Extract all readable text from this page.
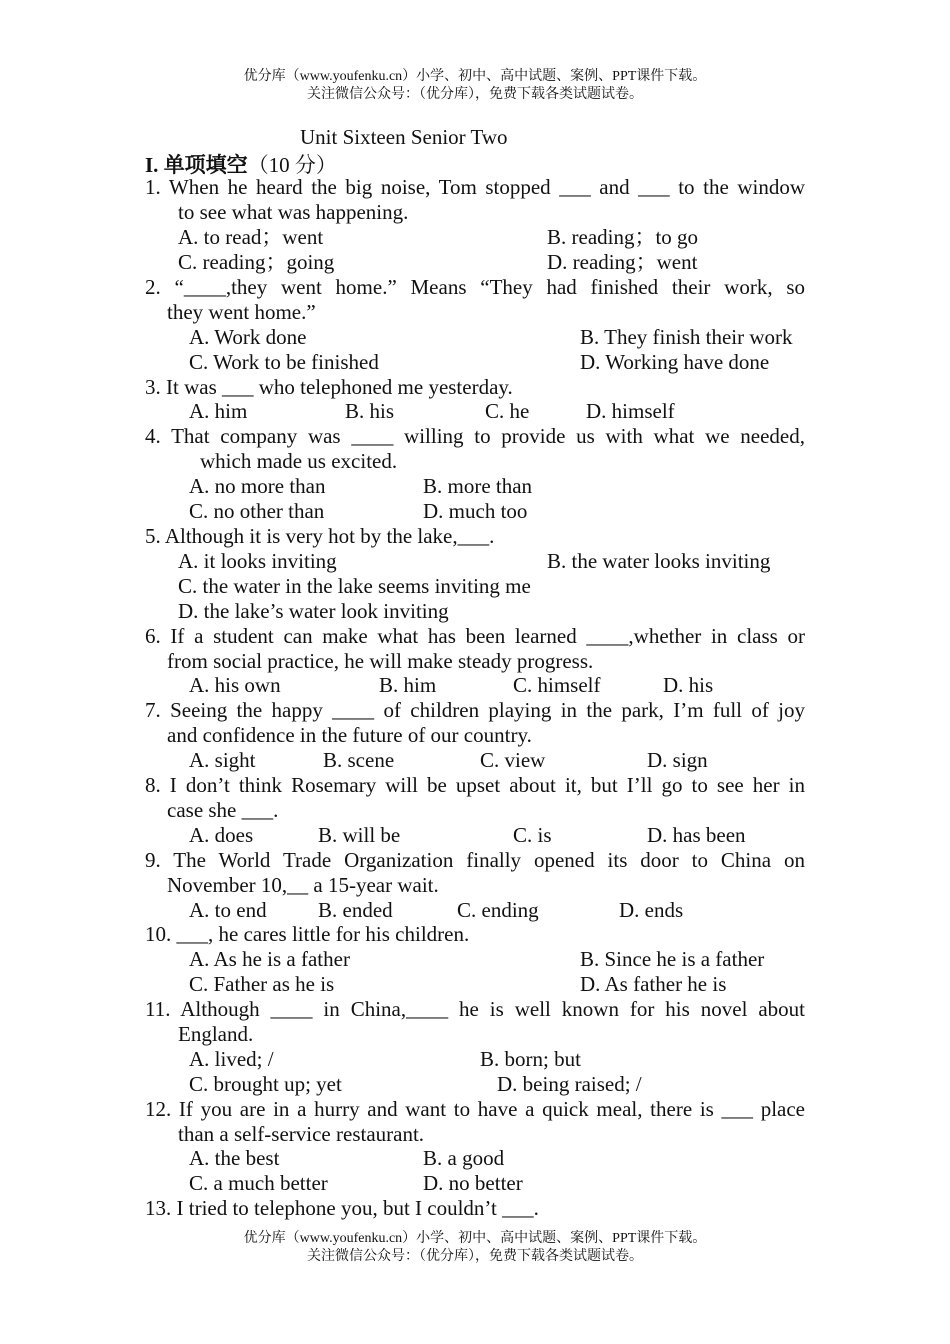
优分库（www.youfenku.cn）小学、初中、高中试题、案例、PPT课件下载。
关注微信公众号：（优分库），免费下载各类试题试卷。
Unit Sixteen Senior Two
I. 单项填空（10 分）
1. When he heard the big noise, Tom stopped ___ and ___ to the window
to see what was happening.
A. to read；went	B. reading；to go
C. reading；going	D. reading；went
2. “____,they went home.” Means “They had finished their work, so
they went home.”
A. Work done	B. They finish their work
C. Work to be finished	D. Working have done
3. It was ___ who telephoned me yesterday.
A. him	B. his	C. he	D. himself
4. That company was ____ willing to provide us with what we needed,
which made us excited.
A. no more than	B. more than
C. no other than	D. much too
5. Although it is very hot by the lake,___.
A. it looks inviting	B. the water looks inviting
C. the water in the lake seems inviting me
D. the lake’s water look inviting
6. If a student can make what has been learned ____,whether in class or
from social practice, he will make steady progress.
A. his own	B. him	C. himself	D. his
7. Seeing the happy ____ of children playing in the park, I’m full of joy
and confidence in the future of our country.
A. sight	B. scene	C. view	D. sign
8. I don’t think Rosemary will be upset about it, but I’ll go to see her in
case she ___.
A. does	B. will be	C. is	D. has been
9. The World Trade Organization finally opened its door to China on
November 10,__ a 15-year wait.
A. to end B. ended	C. ending	D. ends
10. ___, he cares little for his children.
A. As he is a father	B. Since he is a father
C. Father as he is	D. As father he is
11. Although ____ in China,____ he is well known for his novel about
England.
A. lived; /	B. born; but
C. brought up; yet	D. being raised; /
12. If you are in a hurry and want to have a quick meal, there is ___ place
than a self-service restaurant.
A. the best	B. a good
C. a much better	D. no better
13. I tried to telephone you, but I couldn’t ___.
优分库（www.youfenku.cn）小学、初中、高中试题、案例、PPT课件下载。
关注微信公众号：（优分库），免费下载各类试题试卷。
